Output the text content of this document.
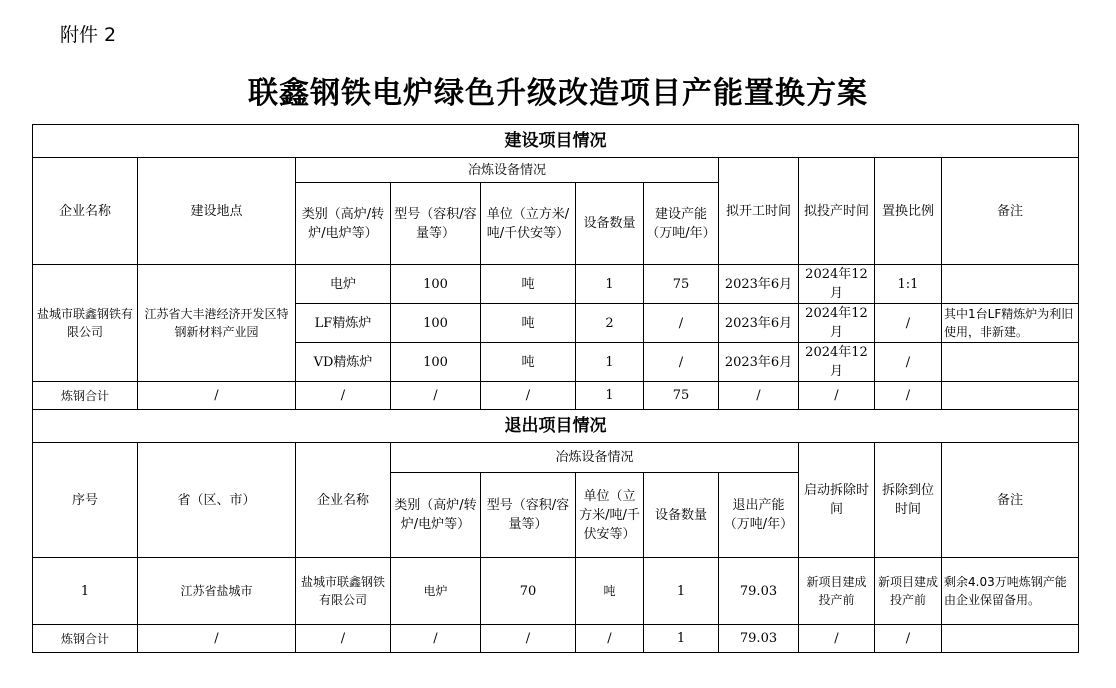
附件 2
联鑫钢铁电炉绿色升级改造项目产能置换方案
建设项目情况										
企业名称	建设地点	冶炼设备情况					拟开工时间	拟投产时间	置换比例	备注
		类别（高炉/转炉/电炉等）	型号（容积/容量等）	单位（立方米/吨/千伏安等）	设备数量	建设产能（万吨/年）				
盐城市联鑫钢铁有限公司	江苏省大丰港经济开发区特钢新材料产业园	电炉	100	吨	1	75	2023年6月	2024年12月	1:1	
		LF精炼炉	100	吨	2	/	2023年6月	2024年12月	/	其中1台LF精炼炉为利旧使用，非新建。
		VD精炼炉	100	吨	1	/	2023年6月	2024年12月	/	
炼钢合计	/	/	/	/	1	75	/	/	/	
退出项目情况										
序号	省（区、市）	企业名称	冶炼设备情况					启动拆除时间	拆除到位时间	备注
			类别（高炉/转炉/电炉等）	型号（容积/容量等）	单位（立方米/吨/千伏安等）	设备数量	退出产能（万吨/年）			
1	江苏省盐城市	盐城市联鑫钢铁有限公司	电炉	70	吨	1	79.03	新项目建成投产前	新项目建成投产前	剩余4.03万吨炼钢产能由企业保留备用。
炼钢合计	/	/	/	/	/	1	79.03	/	/	
